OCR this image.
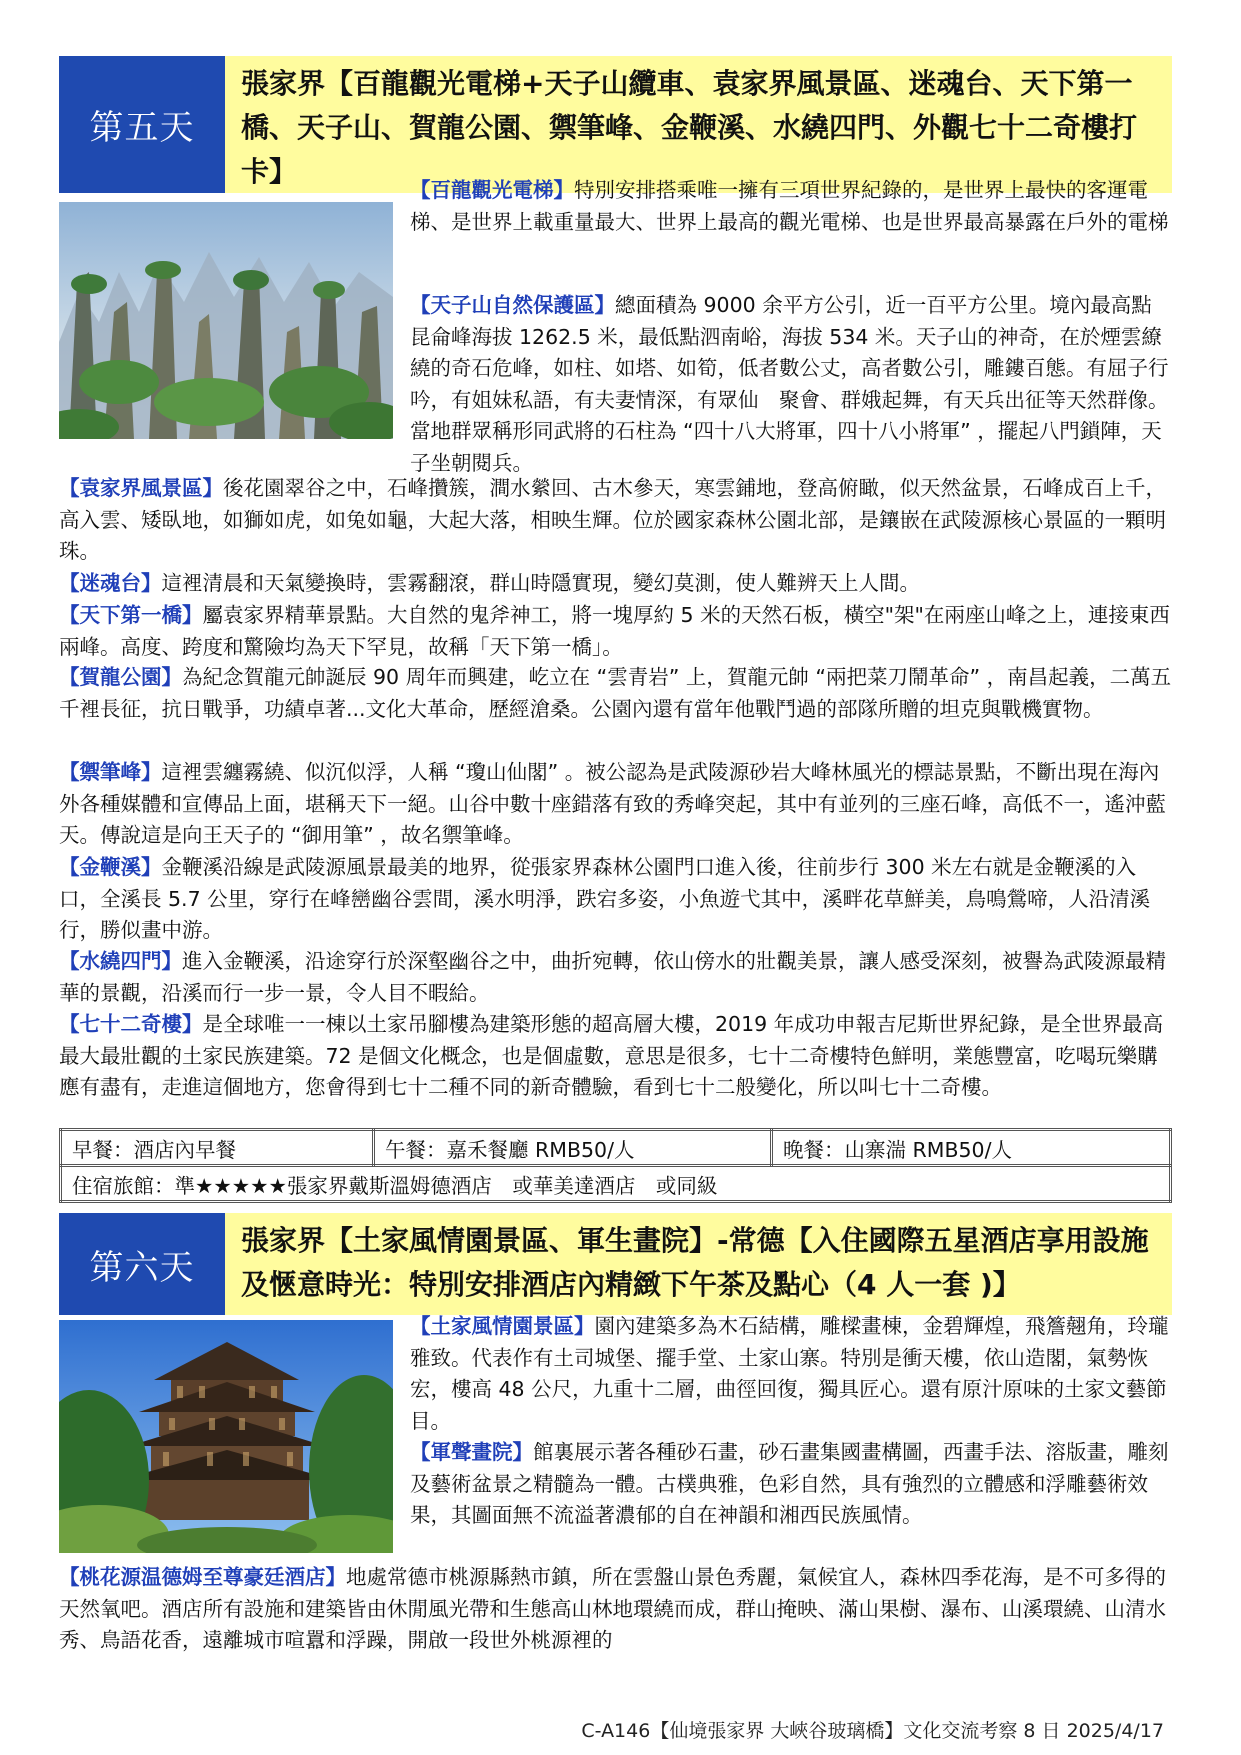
第五天
張家界【百龍觀光電梯+天子山纜車、袁家界風景區、迷魂台、天下第一橋、天子山、賀龍公園、禦筆峰、金鞭溪、水繞四門、外觀七十二奇樓打卡】

【百龍觀光電梯】特別安排搭乘唯一擁有三項世界紀錄的，是世界上最快的客運電梯、是世界上載重量最大、世界上最高的觀光電梯、也是世界最高暴露在戶外的電梯

【天子山自然保護區】總面積為 9000 余平方公引，近一百平方公里。境內最高點昆侖峰海拔 1262.5 米，最低點泗南峪，海拔 534 米。天子山的神奇，在於煙雲繚繞的奇石危峰，如柱、如塔、如筍，低者數公丈，高者數公引，雕鏤百態。有屈子行吟，有姐妹私語，有夫妻情深，有眾仙　聚會、群娥起舞，有天兵出征等天然群像。當地群眾稱形同武將的石柱為 “四十八大將軍，四十八小將軍” ，擺起八門鎖陣，天子坐朝閱兵。

【袁家界風景區】後花園翠谷之中，石峰攢簇，澗水縈回、古木參天，寒雲鋪地，登高俯瞰，似天然盆景，石峰成百上千，高入雲、矮臥地，如獅如虎，如兔如龜，大起大落，相映生輝。位於國家森林公園北部，是鑲嵌在武陵源核心景區的一顆明珠。

【迷魂台】這裡清晨和天氣變換時，雲霧翻滾，群山時隱實現，變幻莫測，使人難辨天上人間。

【天下第一橋】屬袁家界精華景點。大自然的鬼斧神工，將一塊厚約 5 米的天然石板，橫空"架"在兩座山峰之上，連接東西兩峰。高度、跨度和驚險均為天下罕見，故稱「天下第一橋」。

【賀龍公園】為紀念賀龍元帥誕辰 90 周年而興建，屹立在 “雲青岩” 上，賀龍元帥 “兩把菜刀鬧革命” ，南昌起義，二萬五千裡長征，抗日戰爭，功績卓著...文化大革命，歷經滄桑。公園內還有當年他戰鬥過的部隊所贈的坦克與戰機實物。

【禦筆峰】這裡雲纏霧繞、似沉似浮，人稱 “瓊山仙閣” 。被公認為是武陵源砂岩大峰林風光的標誌景點，不斷出現在海內外各種媒體和宣傳品上面，堪稱天下一絕。山谷中數十座錯落有致的秀峰突起，其中有並列的三座石峰，高低不一，遙沖藍天。傳說這是向王天子的 “御用筆” ，故名禦筆峰。

【金鞭溪】金鞭溪沿線是武陵源風景最美的地界，從張家界森林公園門口進入後，往前步行 300 米左右就是金鞭溪的入口，全溪長 5.7 公里，穿行在峰巒幽谷雲間，溪水明淨，跌宕多姿，小魚遊弋其中，溪畔花草鮮美，鳥鳴鶯啼，人沿清溪行，勝似畫中游。

【水繞四門】進入金鞭溪，沿途穿行於深壑幽谷之中，曲折宛轉，依山傍水的壯觀美景，讓人感受深刻，被譽為武陵源最精華的景觀，沿溪而行一步一景，令人目不暇給。

【七十二奇樓】是全球唯一一棟以土家吊腳樓為建築形態的超高層大樓，2019 年成功申報吉尼斯世界紀錄，是全世界最高最大最壯觀的土家民族建築。72 是個文化概念，也是個虛數，意思是很多，七十二奇樓特色鮮明，業態豐富，吃喝玩樂購應有盡有，走進這個地方，您會得到七十二種不同的新奇體驗，看到七十二般變化，所以叫七十二奇樓。

早餐：酒店內早餐	午餐：嘉禾餐廳 RMB50/人	晚餐：山寨湍 RMB50/人
住宿旅館：準★★★★★張家界戴斯溫姆德酒店　或華美達酒店　或同級
第六天
張家界【土家風情園景區、軍生畫院】-常德【入住國際五星酒店享用設施及愜意時光：特別安排酒店內精緻下午茶及點心（4 人一套 )】

【土家風情園景區】園內建築多為木石結構，雕樑畫棟，金碧輝煌，飛簷翹角，玲瓏雅致。代表作有土司城堡、擺手堂、土家山寨。特別是衝天樓，依山造閣，氣勢恢宏，樓高 48 公尺，九重十二層，曲徑回復，獨具匠心。還有原汁原味的土家文藝節目。

【軍聲畫院】館裏展示著各種砂石畫，砂石畫集國畫構圖，西畫手法、溶版畫，雕刻及藝術盆景之精髓為一體。古樸典雅，色彩自然，具有強烈的立體感和浮雕藝術效果，其圖面無不流溢著濃郁的自在神韻和湘西民族風情。

【桃花源温德姆至尊豪廷酒店】地處常德市桃源縣熱市鎮，所在雲盤山景色秀麗，氣候宜人，森林四季花海，是不可多得的天然氧吧。酒店所有設施和建築皆由休閒風光帶和生態高山林地環繞而成，群山掩映、滿山果樹、瀑布、山溪環繞、山清水秀、鳥語花香，遠離城市喧囂和浮躁，開啟一段世外桃源裡的

C-A146【仙境張家界 大峽谷玻璃橋】文化交流考察 8 日 2025/4/17
